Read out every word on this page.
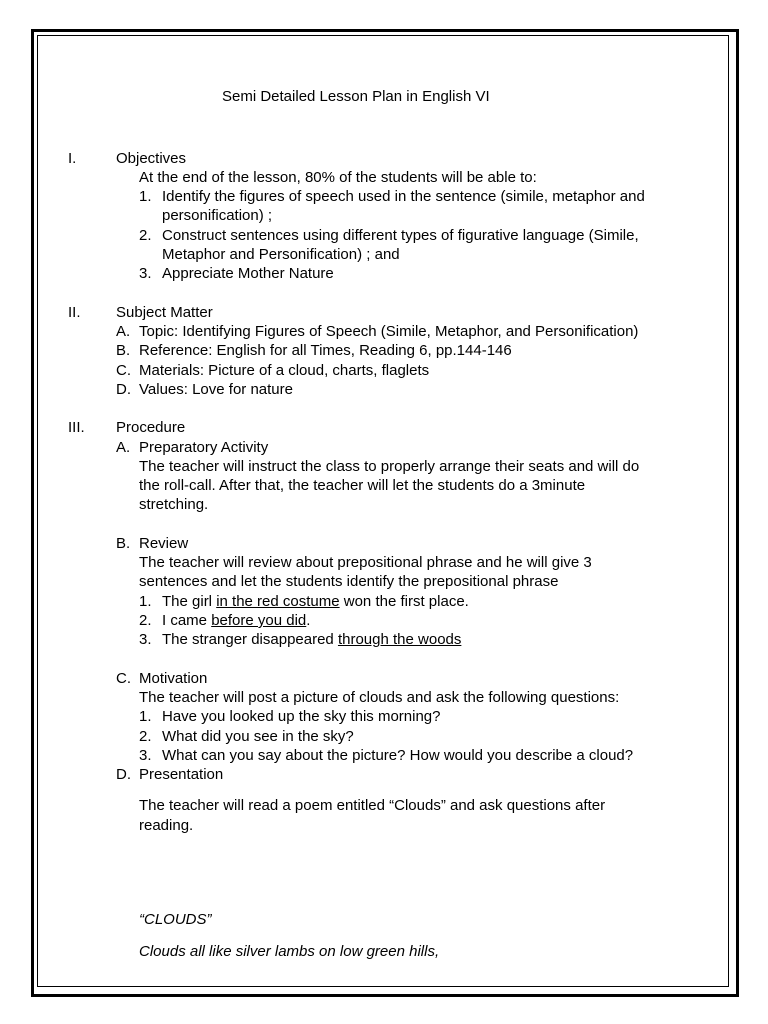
Semi Detailed Lesson Plan in English VI
I.	Objectives
At the end of the lesson, 80% of the students will be able to:
1. Identify the figures of speech used in the sentence (simile, metaphor and
personification) ;
2. Construct sentences using different types of figurative language (Simile,
Metaphor and Personification) ; and
3. Appreciate Mother Nature
II. Subject Matter
A. Topic: Identifying Figures of Speech (Simile, Metaphor, and Personification)
B. Reference: English for all Times, Reading 6, pp.144-146
C. Materials: Picture of a cloud, charts, flaglets
D. Values: Love for nature
III. Procedure
A. Preparatory Activity
The teacher will instruct the class to properly arrange their seats and will do
the roll-call. After that, the teacher will let the students do a 3minute
stretching.
B. Review
The teacher will review about prepositional phrase and he will give 3
sentences and let the students identify the prepositional phrase
1. The girl in the red costume won the first place.
2. I came before you did.
3. The stranger disappeared through the woods
C. Motivation
The teacher will post a picture of clouds and ask the following questions:
1. Have you looked up the sky this morning?
2. What did you see in the sky?
3. What can you say about the picture? How would you describe a cloud?
D. Presentation
The teacher will read a poem entitled “Clouds” and ask questions after
reading.
“CLOUDS”
Clouds all like silver lambs on low green hills,
